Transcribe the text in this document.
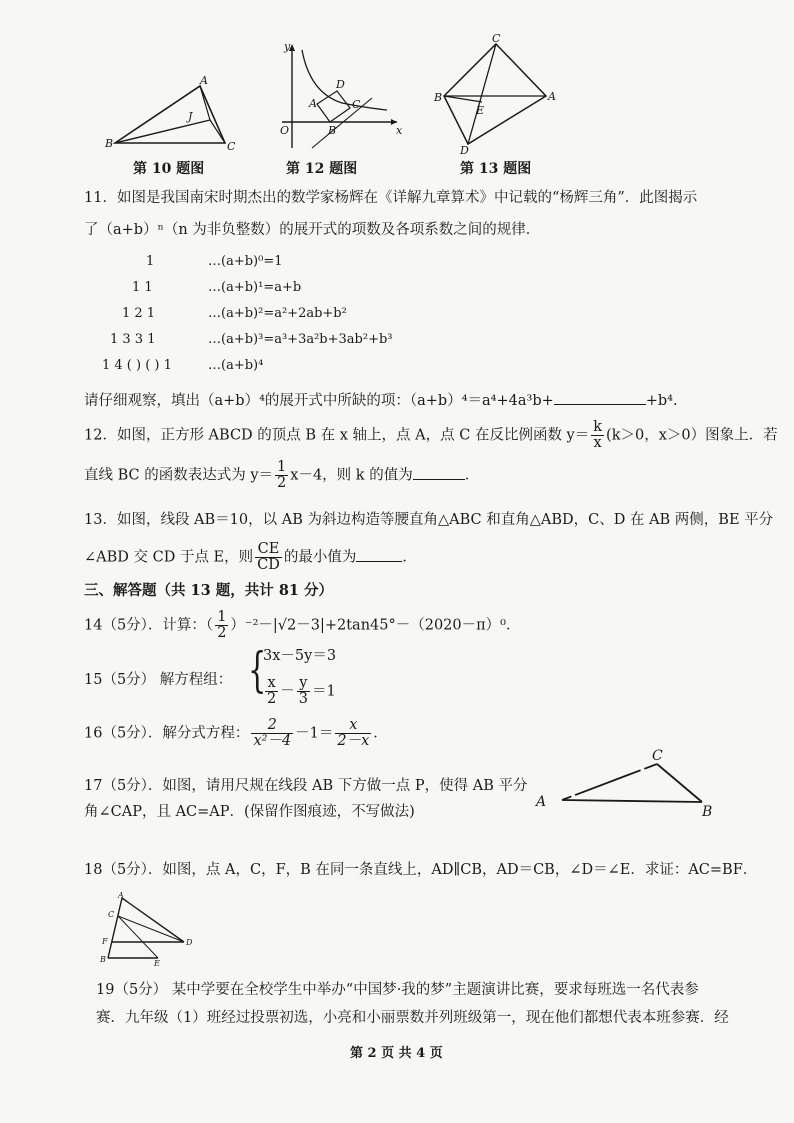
A
J
B	C
第 10 题图
y
D
A	C
O	B	x
第 12 题图
C
B	A
E
D
第 13 题图
11．如图是我国南宋时期杰出的数学家杨辉在《详解九章算术》中记载的“杨辉三角”．此图揭示
了（a+b）ⁿ（n 为非负整数）的展开式的项数及各项系数之间的规律．
1	…(a+b)⁰=1
1 1	…(a+b)¹=a+b
1 2 1	…(a+b)²=a²+2ab+b²
1 3 3 1	…(a+b)³=a³+3a²b+3ab²+b³
1 4 ( ) ( ) 1	…(a+b)⁴
请仔细观察，填出（a+b）⁴的展开式中所缺的项：（a+b）⁴＝a⁴+4a³b+	+b⁴.
12．如图，正方形 ABCD 的顶点 B 在 x 轴上，点 A，点 C 在反比例函数 $y= \frac{k}{x} (k>0$，x＞0）图象上．若
直线 BC 的函数表达式为 $y= \frac{1}{2} x-4$，则 k 的值为	．
13．如图，线段 AB＝10，以 AB 为斜边构造等腰直角△ABC 和直角△ABD，C、D 在 AB 两侧，BE 平分
∠ABD 交 CD 于点 E，则 $\frac{CE}{CD}$ 的最小值为	．
三、解答题（共 13 题，共计 81 分）
14（5分）．计算：（ $\frac{1}{2} )^{-2}-|√2-3|+2\tan 45^\circ-(2020-\pi)^0$．
15（5分） 解方程组： {
3x－5y＝3
$\frac{x}{2} - \frac{y}{3} =1$
16（5分）．解分式方程： $\frac{2}{\text{x²－4}} -1= \frac{x}{2-x}$ ．
17（5分）．如图，请用尺规在线段 AB 下方做一点 P，使得 AB 平分
角∠CAP，且 AC=AP．(保留作图痕迹，不写做法)
C
A
B
18（5分）．如图，点 A，C，F，B 在同一条直线上，AD∥CB，AD＝CB，∠D＝∠E．求证：AC=BF．
A
C
F	D
B	E
19（5分） 某中学要在全校学生中举办“中国梦·我的梦”主题演讲比赛，要求每班选一名代表参
赛．九年级（1）班经过投票初选，小亮和小丽票数并列班级第一，现在他们都想代表本班参赛．经
第 2 页 共 4 页
